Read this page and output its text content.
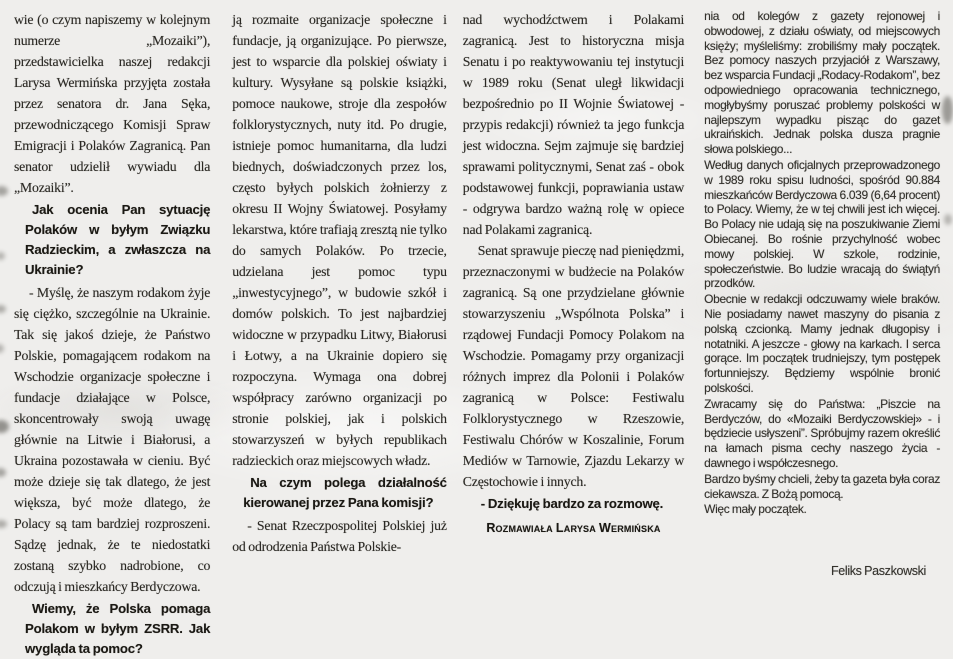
wie (o czym napiszemy w kolejnym numerze „Mozaiki”), przedstawicielka naszej redakcji Larysa Wermińska przyjęta została przez senatora dr. Jana Sęka, przewodniczącego Komisji Spraw Emigracji i Polaków Zagranicą. Pan senator udzielił wywiadu dla „Mozaiki”.

Jak ocenia Pan sytuację Polaków w byłym Związku Radzieckim, a zwłaszcza na Ukrainie?

- Myślę, że naszym rodakom żyje się ciężko, szczególnie na Ukrainie. Tak się jakoś dzieje, że Państwo Polskie, pomagającem rodakom na Wschodzie organizacje społeczne i fundacje działające w Polsce, skoncentrowały swoją uwagę głównie na Litwie i Białorusi, a Ukraina pozostawała w cieniu. Być może dzieje się tak dlatego, że jest większa, być może dlatego, że Polacy są tam bardziej rozproszeni. Sądzę jednak, że te niedostatki zostaną szybko nadrobione, co odczują i mieszkańcy Berdyczowa.

Wiemy, że Polska pomaga Polakom w byłym ZSRR. Jak wygląda ta pomoc?

ją rozmaite organizacje społeczne i fundacje, ją organizujące. Po pierwsze, jest to wsparcie dla polskiej oświaty i kultury. Wysyłane są polskie książki, pomoce naukowe, stroje dla zespołów folklorystycznych, nuty itd. Po drugie, istnieje pomoc humanitarna, dla ludzi biednych, doświadczonych przez los, często byłych polskich żołnierzy z okresu II Wojny Światowej. Posyłamy lekarstwa, które trafiają zresztą nie tylko do samych Polaków. Po trzecie, udzielana jest pomoc typu „inwestycyjnego”, w budowie szkół i domów polskich. To jest najbardziej widoczne w przypadku Litwy, Białorusi i Łotwy, a na Ukrainie dopiero się rozpoczyna. Wymaga ona dobrej współpracy zarówno organizacji po stronie polskiej, jak i polskich stowarzyszeń w byłych republikach radzieckich oraz miejscowych władz.

Na czym polega działalność kierowanej przez Pana komisji?

- Senat Rzeczpospolitej Polskiej już od odrodzenia Państwa Polskie-

nad wychodźctwem i Polakami zagranicą. Jest to historyczna misja Senatu i po reaktywowaniu tej instytucji w 1989 roku (Senat uległ likwidacji bezpośrednio po II Wojnie Światowej - przypis redakcji) również ta jego funkcja jest widoczna. Sejm zajmuje się bardziej sprawami politycznymi, Senat zaś - obok podstawowej funkcji, poprawiania ustaw - odgrywa bardzo ważną rolę w opiece nad Polakami zagranicą.

Senat sprawuje pieczę nad pieniędzmi, przeznaczonymi w budżecie na Polaków zagranicą. Są one przydzielane głównie stowarzyszeniu „Wspólnota Polska” i rządowej Fundacji Pomocy Polakom na Wschodzie. Pomagamy przy organizacji różnych imprez dla Polonii i Polaków zagranicą w Polsce: Festiwalu Folklorystycznego w Rzeszowie, Festiwalu Chórów w Koszalinie, Forum Mediów w Tarnowie, Zjazdu Lekarzy w Częstochowie i innych.

- Dziękuję bardzo za rozmowę.

Rozmawiała Larysa Wermińska

nia od kolegów z gazety rejonowej i obwodowej, z działu oświaty, od miejscowych księży; myśleliśmy: zrobiliśmy mały początek. Bez pomocy naszych przyjaciół z Warszawy, bez wsparcia Fundacji „Rodacy-Rodakom”, bez odpowiedniego opracowania technicznego, mogłybyśmy poruszać problemy polskości w najlepszym wypadku pisząc do gazet ukraińskich. Jednak polska dusza pragnie słowa polskiego...

Według danych oficjalnych przeprowadzonego w 1989 roku spisu ludności, spośród 90.884 mieszkańców Berdyczowa 6.039 (6,64 procent) to Polacy. Wiemy, że w tej chwili jest ich więcej. Bo Polacy nie udają się na poszukiwanie Ziemi Obiecanej. Bo rośnie przychylność wobec mowy polskiej. W szkole, rodzinie, społeczeństwie. Bo ludzie wracają do świątyń przodków.

Obecnie w redakcji odczuwamy wiele braków. Nie posiadamy nawet maszyny do pisania z polską czcionką. Mamy jednak długopisy i notatniki. A jeszcze - głowy na karkach. I serca gorące. Im początek trudniejszy, tym postępek fortunniejszy. Będziemy wspólnie bronić polskości.

Zwracamy się do Państwa: „Piszcie na Berdyczów, do «Mozaiki Berdyczowskiej» - i będziecie usłyszeni”. Spróbujmy razem określić na łamach pisma cechy naszego życia - dawnego i współczesnego.

Bardzo byśmy chcieli, żeby ta gazeta była coraz ciekawsza. Z Bożą pomocą.

Więc mały początek.

Feliks Paszkowski
